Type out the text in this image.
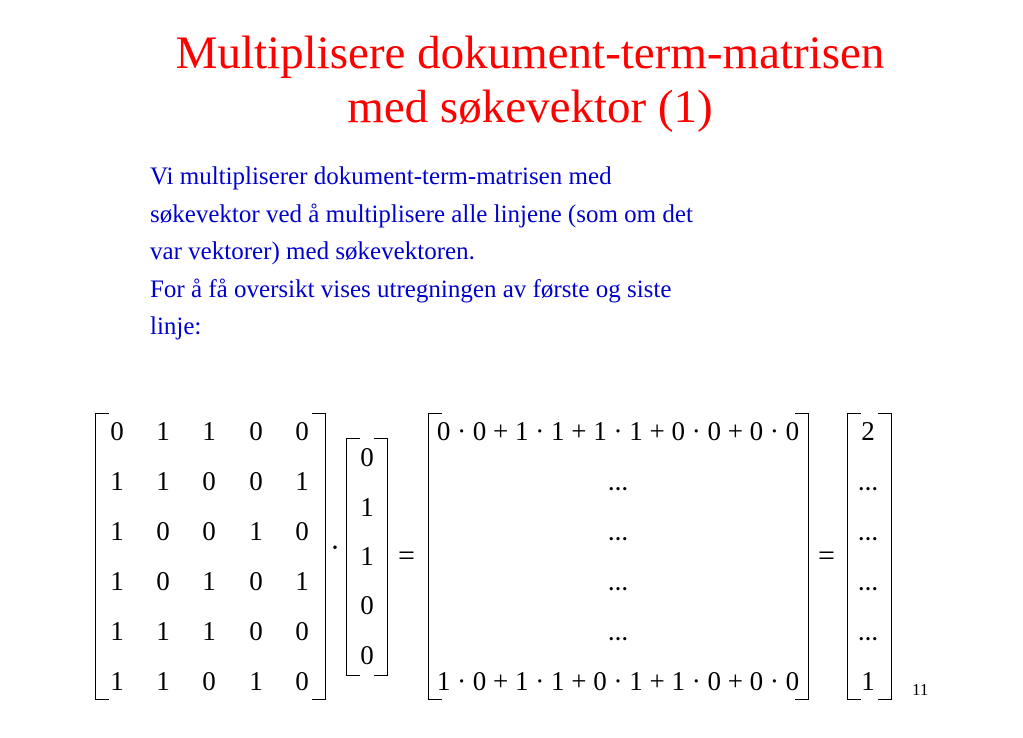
Multiplisere dokument-term-matrisen
med søkevektor (1)
Vi multipliserer dokument-term-matrisen med
søkevektor ved å multiplisere alle linjene (som om det
var vektorer) med søkevektoren.
For å få oversikt vises utregningen av første og siste
linje:
0 1 1 0 0
1 1 0 0 1
1 0 0 1 0
1 0 1 0 1
1 1 1 0 0
1 1 0 1 0
·
0
1
1
0
0
=
0 · 0 + 1 · 1 + 1 · 1 + 0 · 0 + 0 · 0
...
...
...
...
1 · 0 + 1 · 1 + 0 · 1 + 1 · 0 + 0 · 0
=
2
...
...
...
...
1 11
